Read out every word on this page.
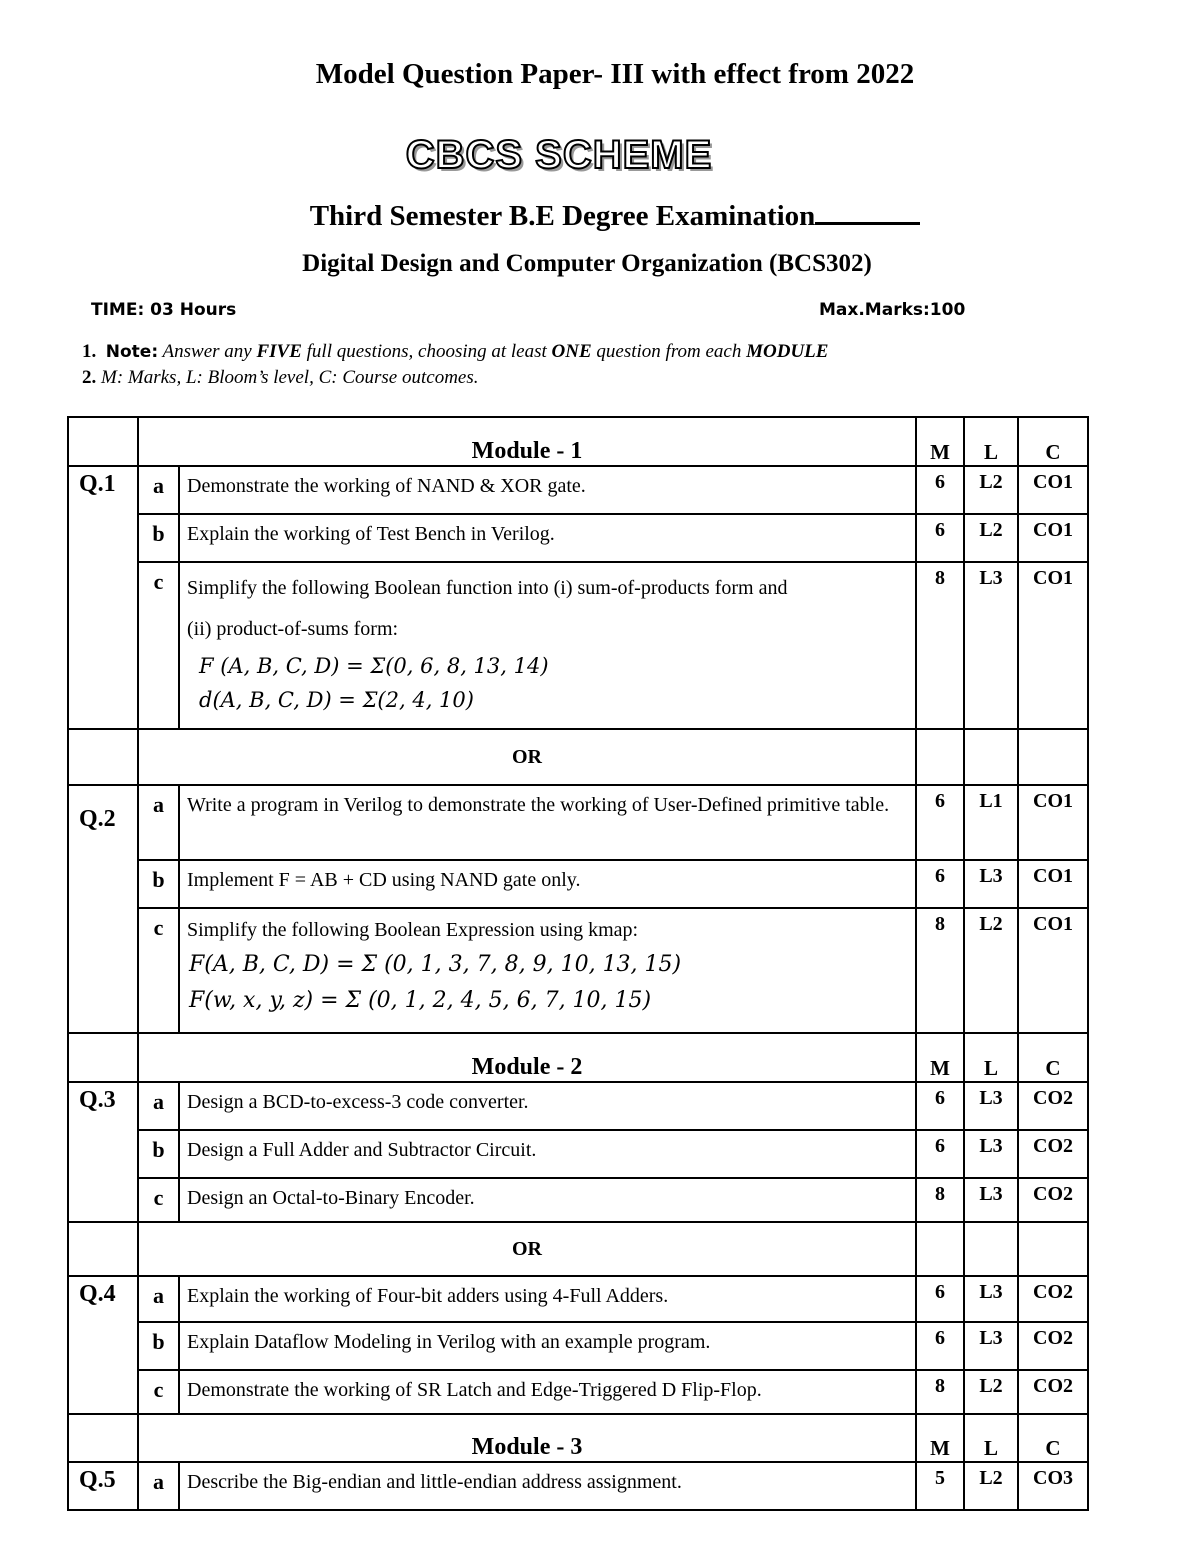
Model Question Paper- III with effect from 2022
CBCS SCHEME
Third Semester B.E Degree Examination
Digital Design and Computer Organization (BCS302)
TIME: 03 Hours	Max.Marks:100
1. Note: Answer any FIVE full questions, choosing at least ONE question from each MODULE
2. M: Marks, L: Bloom’s level, C: Course outcomes.
	Module - 1		M	L	C
Q.1	a	Demonstrate the working of NAND & XOR gate.	6	L2	CO1
	b	Explain the working of Test Bench in Verilog.	6	L2	CO1
	c	Simplify the following Boolean function into (i) sum-of-products form and
(ii) product-of-sums form:
F (A, B, C, D) = Σ(0, 6, 8, 13, 14)
d(A, B, C, D) = Σ(2, 4, 10)	8	L3	CO1
	OR				

Q.2	a	Write a program in Verilog to demonstrate the working of User-Defined primitive table.	6	L1	CO1
	b	Implement F = AB + CD using NAND gate only.	6	L3	CO1
	c	Simplify the following Boolean Expression using kmap:
F(A, B, C, D) = Σ (0, 1, 3, 7, 8, 9, 10, 13, 15)
F(w, x, y, z) = Σ (0, 1, 2, 4, 5, 6, 7, 10, 15)	8	L2	CO1
	Module - 2		M	L	C
Q.3	a	Design a BCD-to-excess-3 code converter.	6	L3	CO2
	b	Design a Full Adder and Subtractor Circuit.	6	L3	CO2
	c	Design an Octal-to-Binary Encoder.	8	L3	CO2
	OR				
Q.4	a	Explain the working of Four-bit adders using 4-Full Adders.	6	L3	CO2
	b	Explain Dataflow Modeling in Verilog with an example program.	6	L3	CO2
	c	Demonstrate the working of SR Latch and Edge-Triggered D Flip-Flop.	8	L2	CO2
	Module - 3		M	L	C
Q.5	a	Describe the Big-endian and little-endian address assignment.	5	L2	CO3
